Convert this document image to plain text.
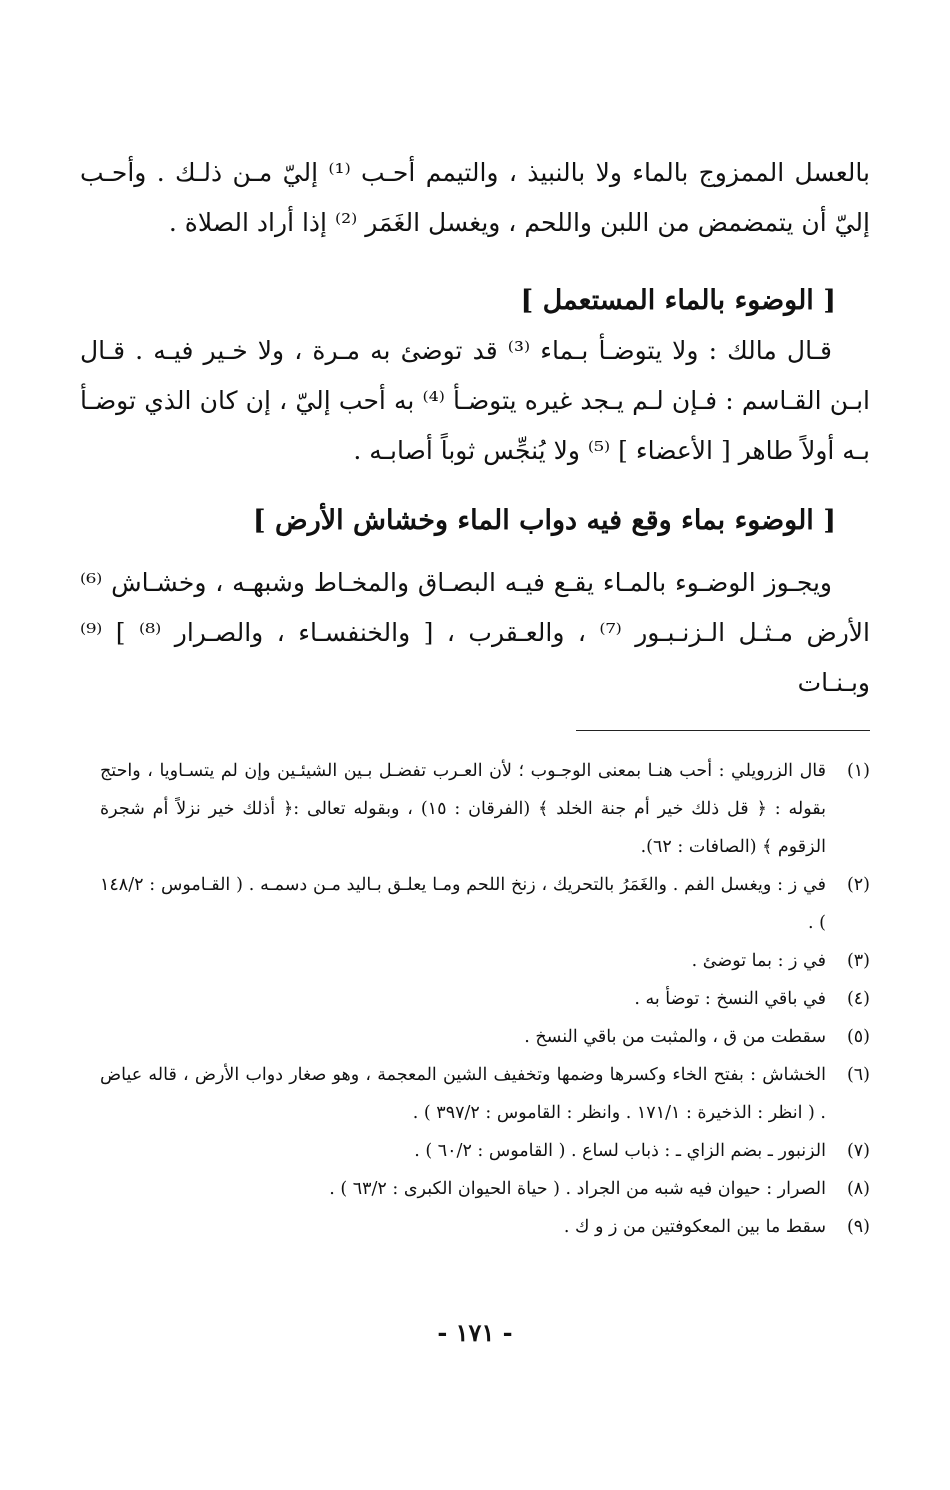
بالعسل الممزوج بالماء ولا بالنبيذ ، والتيمم أحـب ⁽¹⁾ إليّ مـن ذلـك . وأحـب إليّ أن يتمضمض من اللبن واللحم ، ويغسل الغَمَر ⁽²⁾ إذا أراد الصلاة .

[ الوضوء بالماء المستعمل ]

قـال مالك : ولا يتوضـأ بـماء ⁽³⁾ قد توضئ به مـرة ، ولا خـير فيـه . قـال ابـن القـاسم : فـإن لـم يـجد غيره يتوضـأ ⁽⁴⁾ به أحب إليّ ، إن كان الذي توضـأ بـه أولاً طاهر [ الأعضاء ] ⁽⁵⁾ ولا يُنجِّس ثوباً أصابـه .

[ الوضوء بماء وقع فيه دواب الماء وخشاش الأرض ]

ويجـوز الوضـوء بالمـاء يقـع فيـه البصـاق والمخـاط وشبهـه ، وخشـاش ⁽⁶⁾ الأرض مـثـل الـزنـبـور ⁽⁷⁾ ، والعـقرب ، [ والخنفسـاء ، والصـرار ⁽⁸⁾ ] ⁽⁹⁾ وبـنـات

(١)
قال الزرويلي : أحب هنـا بمعنى الوجـوب ؛ لأن العـرب تفضـل بـين الشيئـين وإن لم يتسـاويا ، واحتج بقوله : ﴿ قل ذلك خير أم جنة الخلد ﴾ (الفرقان : ١٥) ، وبقوله تعالى :﴿ أذلك خير نزلاً أم شجرة الزقوم ﴾ (الصافات : ٦٢).
(٢)
في ز : ويغسل الفم . والغَمَرُ بالتحريك ، زنخ اللحم ومـا يعلـق بـاليد مـن دسمـه . ( القـاموس : ١٤٨/٢ ) .
(٣)
في ز : بما توضئ .
(٤)
في باقي النسخ : توضأ به .
(٥)
سقطت من ق ، والمثبت من باقي النسخ .
(٦)
الخشاش : بفتح الخاء وكسرها وضمها وتخفيف الشين المعجمة ، وهو صغار دواب الأرض ، قاله عياض . ( انظر : الذخيرة : ١٧١/١ . وانظر : القاموس : ٣٩٧/٢ ) .
(٧)
الزنبور ـ بضم الزاي ـ : ذباب لساع . ( القاموس : ٦٠/٢ ) .
(٨)
الصرار : حيوان فيه شبه من الجراد . ( حياة الحيوان الكبرى : ٦٣/٢ ) .
(٩)
سقط ما بين المعكوفتين من ز و ك .
- ١٧١ -
